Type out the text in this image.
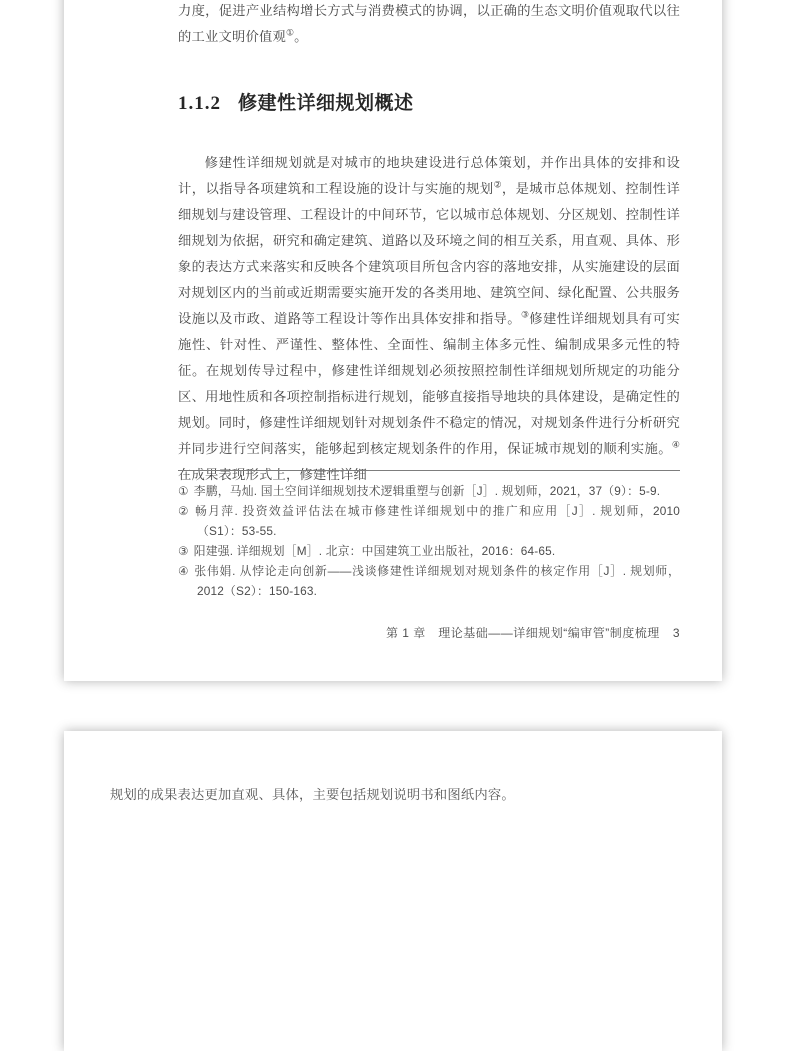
力度，促进产业结构增长方式与消费模式的协调，以正确的生态文明价值观取代以往的工业文明价值观①。

1.1.2 修建性详细规划概述

修建性详细规划就是对城市的地块建设进行总体策划，并作出具体的安排和设计，以指导各项建筑和工程设施的设计与实施的规划②，是城市总体规划、控制性详细规划与建设管理、工程设计的中间环节，它以城市总体规划、分区规划、控制性详细规划为依据，研究和确定建筑、道路以及环境之间的相互关系，用直观、具体、形象的表达方式来落实和反映各个建筑项目所包含内容的落地安排，从实施建设的层面对规划区内的当前或近期需要实施开发的各类用地、建筑空间、绿化配置、公共服务设施以及市政、道路等工程设计等作出具体安排和指导。③修建性详细规划具有可实施性、针对性、严谨性、整体性、全面性、编制主体多元性、编制成果多元性的特征。在规划传导过程中，修建性详细规划必须按照控制性详细规划所规定的功能分区、用地性质和各项控制指标进行规划，能够直接指导地块的具体建设，是确定性的规划。同时，修建性详细规划针对规划条件不稳定的情况，对规划条件进行分析研究并同步进行空间落实，能够起到核定规划条件的作用，保证城市规划的顺利实施。④在成果表现形式上，修建性详细

① 李鹏，马灿. 国土空间详细规划技术逻辑重塑与创新［J］. 规划师，2021，37（9）：5-9.

② 畅月萍. 投资效益评估法在城市修建性详细规划中的推广和应用［J］. 规划师，2010（S1）：53-55.

③ 阳建强. 详细规划［M］. 北京：中国建筑工业出版社，2016：64-65.

④ 张伟娟. 从悖论走向创新——浅谈修建性详细规划对规划条件的核定作用［J］. 规划师，2012（S2）：150-163.

第 1 章　理论基础——详细规划“编审管”制度梳理 3

规划的成果表达更加直观、具体，主要包括规划说明书和图纸内容。
